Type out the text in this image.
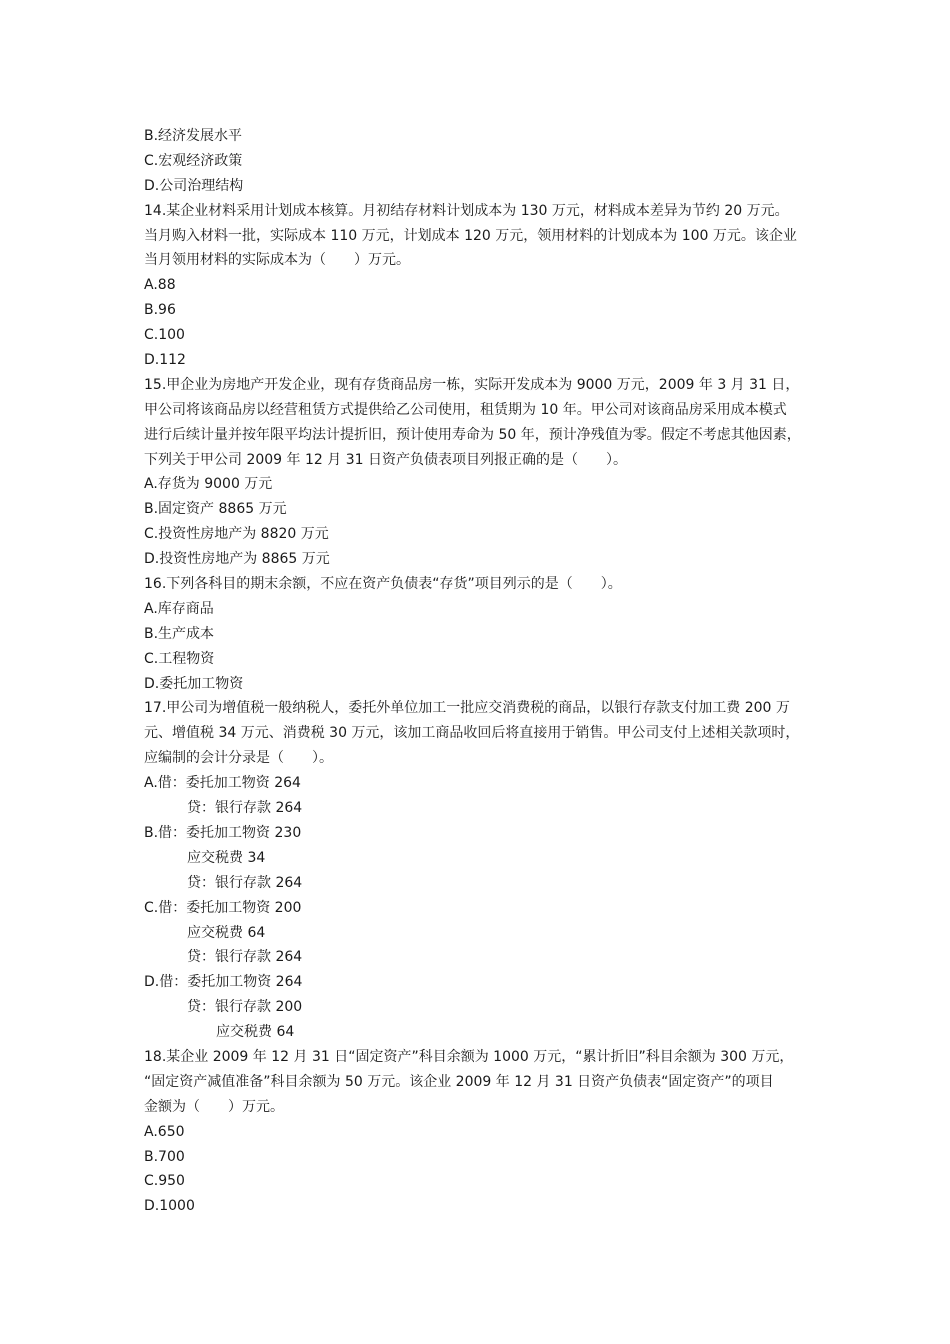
B.经济发展水平
C.宏观经济政策
D.公司治理结构
14.某企业材料采用计划成本核算。月初结存材料计划成本为 130 万元，材料成本差异为节约 20 万元。
当月购入材料一批，实际成本 110 万元，计划成本 120 万元，领用材料的计划成本为 100 万元。该企业
当月领用材料的实际成本为（　　）万元。
A.88
B.96
C.100
D.112
15.甲企业为房地产开发企业，现有存货商品房一栋，实际开发成本为 9000 万元，2009 年 3 月 31 日，
甲公司将该商品房以经营租赁方式提供给乙公司使用，租赁期为 10 年。甲公司对该商品房采用成本模式
进行后续计量并按年限平均法计提折旧，预计使用寿命为 50 年，预计净残值为零。假定不考虑其他因素，
下列关于甲公司 2009 年 12 月 31 日资产负债表项目列报正确的是（　　）。
A.存货为 9000 万元
B.固定资产 8865 万元
C.投资性房地产为 8820 万元
D.投资性房地产为 8865 万元
16.下列各科目的期末余额，不应在资产负债表“存货”项目列示的是（　　）。
A.库存商品
B.生产成本
C.工程物资
D.委托加工物资
17.甲公司为增值税一般纳税人，委托外单位加工一批应交消费税的商品，以银行存款支付加工费 200 万
元、增值税 34 万元、消费税 30 万元，该加工商品收回后将直接用于销售。甲公司支付上述相关款项时，
应编制的会计分录是（　　）。
A.借：委托加工物资 264
贷：银行存款 264
B.借：委托加工物资 230
应交税费 34
贷：银行存款 264
C.借：委托加工物资 200
应交税费 64
贷：银行存款 264
D.借：委托加工物资 264
贷：银行存款 200
应交税费 64
18.某企业 2009 年 12 月 31 日“固定资产”科目余额为 1000 万元，“累计折旧”科目余额为 300 万元，
“固定资产减值准备”科目余额为 50 万元。该企业 2009 年 12 月 31 日资产负债表“固定资产”的项目
金额为（　　）万元。
A.650
B.700
C.950
D.1000
